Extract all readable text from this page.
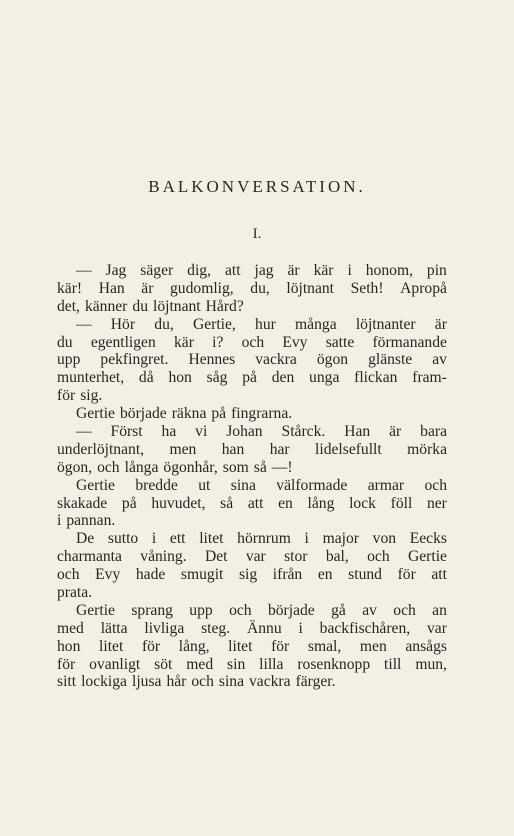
BALKONVERSATION.
I.
— Jag säger dig, att jag är kär i honom, pin
kär! Han är gudomlig, du, löjtnant Seth! Apropå
det, känner du löjtnant Hård?
— Hör du, Gertie, hur många löjtnanter är
du egentligen kär i? och Evy satte förmanande
upp pekfingret. Hennes vackra ögon glänste av
munterhet, då hon såg på den unga flickan fram-
för sig.
Gertie började räkna på fingrarna.
— Först ha vi Johan Stårck. Han är bara
underlöjtnant, men han har lidelsefullt mörka
ögon, och långa ögonhår, som så —!
Gertie bredde ut sina välformade armar och
skakade på huvudet, så att en lång lock föll ner
i pannan.
De sutto i ett litet hörnrum i major von Eecks
charmanta våning. Det var stor bal, och Gertie
och Evy hade smugit sig ifrån en stund för att
prata.
Gertie sprang upp och började gå av och an
med lätta livliga steg. Ännu i backfischåren, var
hon litet för lång, litet för smal, men ansågs
för ovanligt söt med sin lilla rosenknopp till mun,
sitt lockiga ljusa hår och sina vackra färger.
